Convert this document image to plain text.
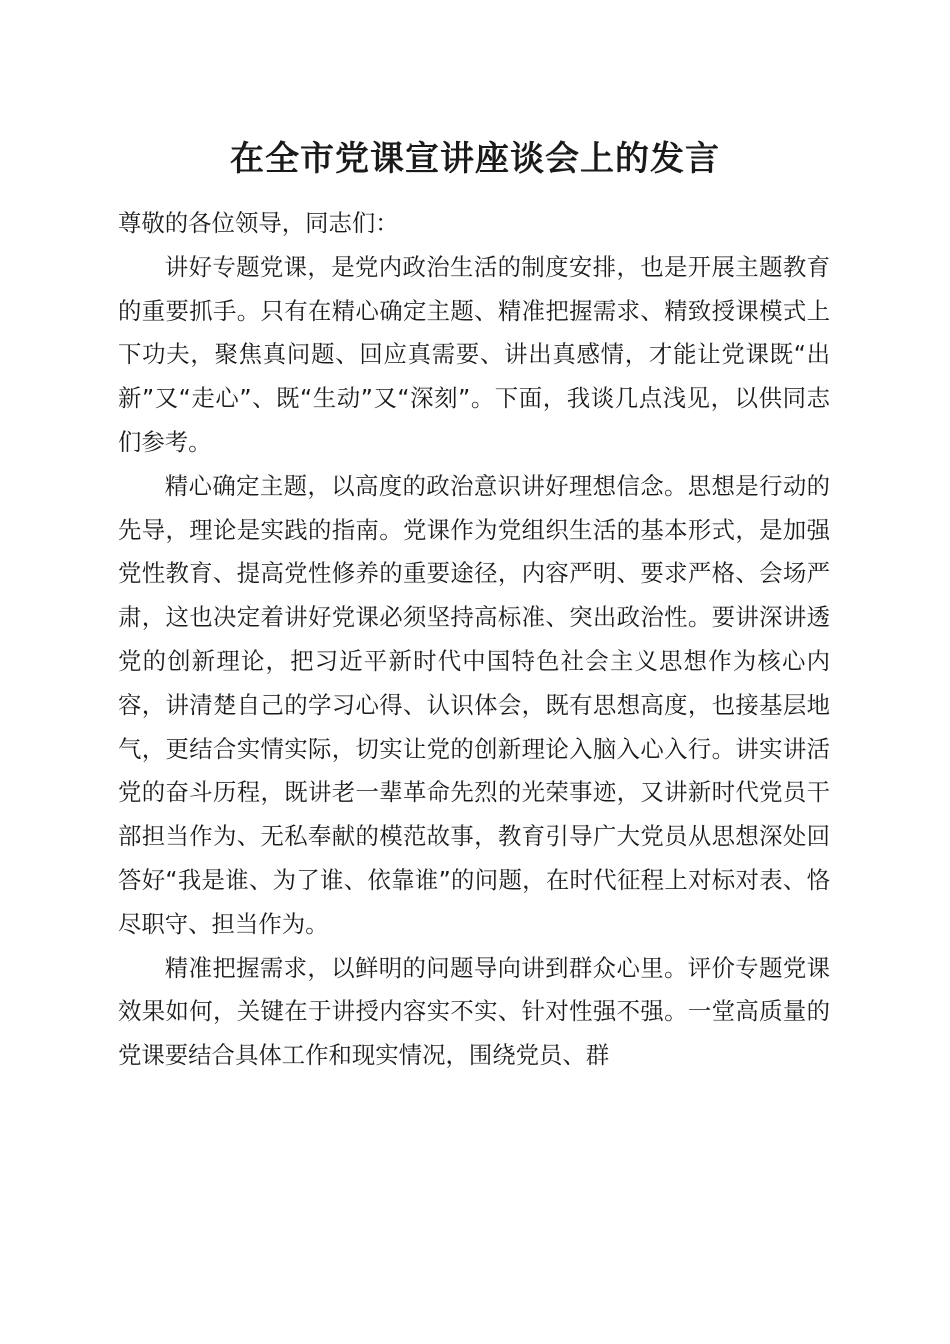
在全市党课宣讲座谈会上的发言

尊敬的各位领导，同志们：

讲好专题党课，是党内政治生活的制度安排，也是开展主题教育的重要抓手。只有在精心确定主题、精准把握需求、精致授课模式上下功夫，聚焦真问题、回应真需要、讲出真感情，才能让党课既“出新”又“走心”、既“生动”又“深刻”。下面，我谈几点浅见，以供同志们参考。

精心确定主题，以高度的政治意识讲好理想信念。思想是行动的先导，理论是实践的指南。党课作为党组织生活的基本形式，是加强党性教育、提高党性修养的重要途径，内容严明、要求严格、会场严肃，这也决定着讲好党课必须坚持高标准、突出政治性。要讲深讲透党的创新理论，把习近平新时代中国特色社会主义思想作为核心内容，讲清楚自己的学习心得、认识体会，既有思想高度，也接基层地气，更结合实情实际，切实让党的创新理论入脑入心入行。讲实讲活党的奋斗历程，既讲老一辈革命先烈的光荣事迹，又讲新时代党员干部担当作为、无私奉献的模范故事，教育引导广大党员从思想深处回答好“我是谁、为了谁、依靠谁”的问题，在时代征程上对标对表、恪尽职守、担当作为。

精准把握需求，以鲜明的问题导向讲到群众心里。评价专题党课效果如何，关键在于讲授内容实不实、针对性强不强。一堂高质量的党课要结合具体工作和现实情况，围绕党员、群
